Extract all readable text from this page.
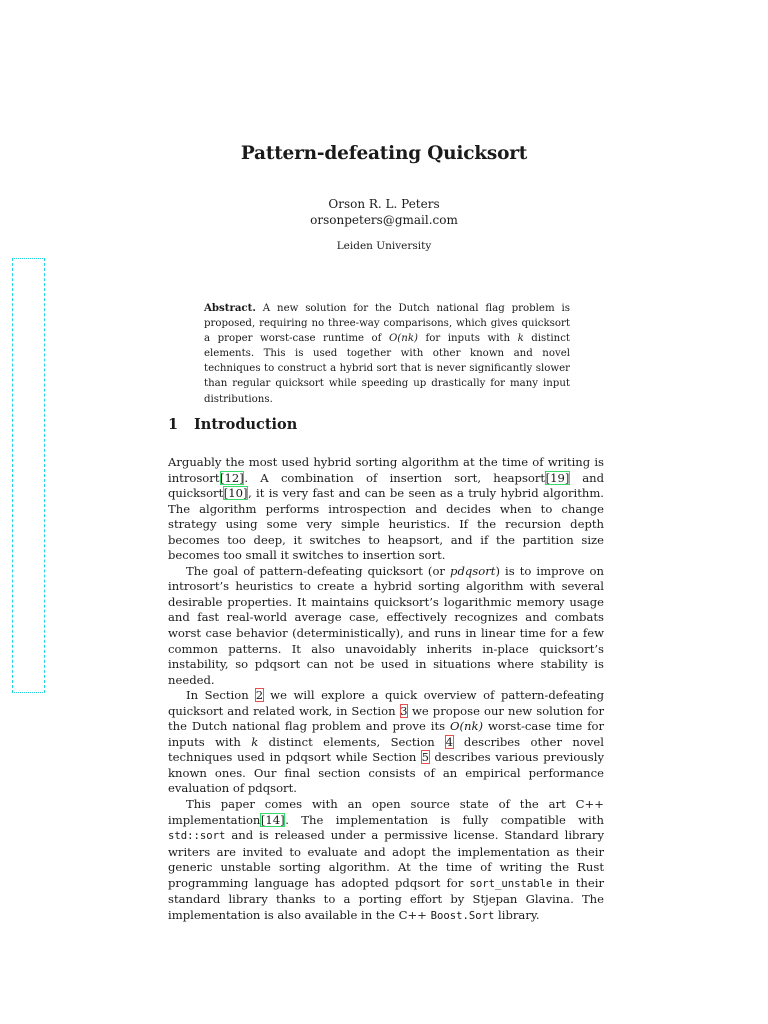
Pattern-defeating Quicksort
Orson R. L. Peters
orsonpeters@gmail.com
Leiden University
Abstract. A new solution for the Dutch national flag problem is proposed, requiring no three-way comparisons, which gives quicksort a proper worst-case runtime of O(nk) for inputs with k distinct elements. This is used together with other known and novel techniques to construct a hybrid sort that is never significantly slower than regular quicksort while speeding up drastically for many input distributions.
1 Introduction

Arguably the most used hybrid sorting algorithm at the time of writing is introsort[12]. A combination of insertion sort, heapsort[19] and quicksort[10], it is very fast and can be seen as a truly hybrid algorithm. The algorithm performs introspection and decides when to change strategy using some very simple heuristics. If the recursion depth becomes too deep, it switches to heapsort, and if the partition size becomes too small it switches to insertion sort.

The goal of pattern-defeating quicksort (or pdqsort) is to improve on introsort’s heuristics to create a hybrid sorting algorithm with several desirable properties. It maintains quicksort’s logarithmic memory usage and fast real-world average case, effectively recognizes and combats worst case behavior (deterministically), and runs in linear time for a few common patterns. It also unavoidably inherits in-place quicksort’s instability, so pdqsort can not be used in situations where stability is needed.

In Section 2 we will explore a quick overview of pattern-defeating quicksort and related work, in Section 3 we propose our new solution for the Dutch national flag problem and prove its O(nk) worst-case time for inputs with k distinct elements, Section 4 describes other novel techniques used in pdqsort while Section 5 describes various previously known ones. Our final section consists of an empirical performance evaluation of pdqsort.

This paper comes with an open source state of the art C++ implementation[14]. The implementation is fully compatible with std::sort and is released under a permissive license. Standard library writers are invited to evaluate and adopt the implementation as their generic unstable sorting algorithm. At the time of writing the Rust programming language has adopted pdqsort for sort_unstable in their standard library thanks to a porting effort by Stjepan Glavina. The implementation is also available in the C++ Boost.Sort library.
